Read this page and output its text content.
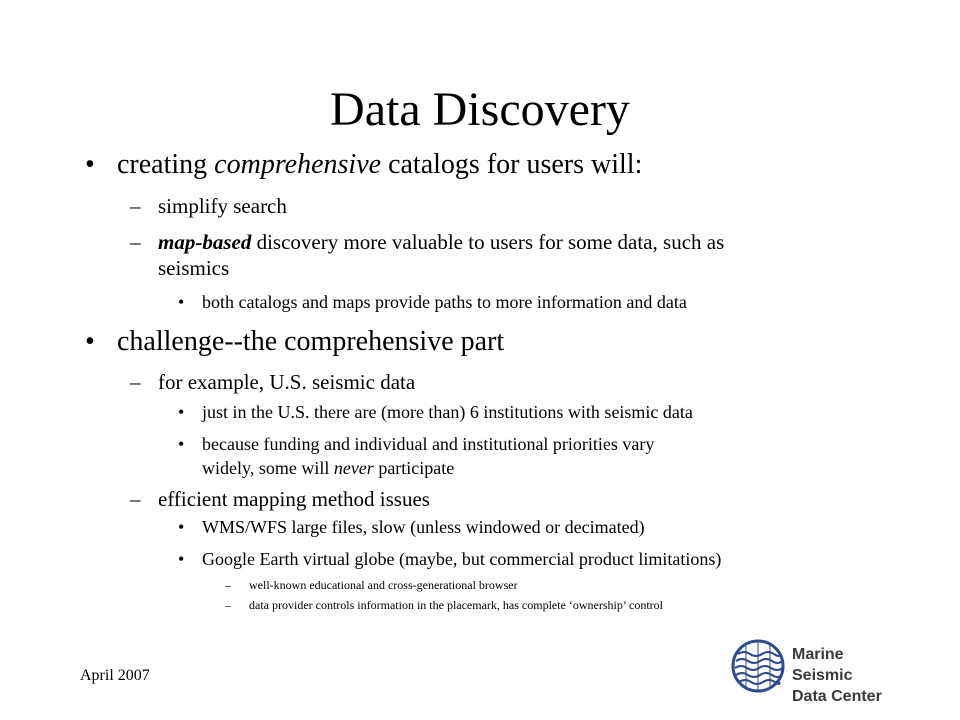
Data Discovery
• creating comprehensive catalogs for users will:
– simplify search
– map-based discovery more valuable to users for some data, such as
seismics
• both catalogs and maps provide paths to more information and data
• challenge--the comprehensive part
– for example, U.S. seismic data
• just in the U.S. there are (more than) 6 institutions with seismic data
• because funding and individual and institutional priorities vary
widely, some will never participate
– efficient mapping method issues
• WMS/WFS large files, slow (unless windowed or decimated)
• Google Earth virtual globe (maybe, but commercial product limitations)
– well-known educational and cross-generational browser
– data provider controls information in the placemark, has complete ‘ownership’ control
April 2007
Marine Seismic
Data Center
